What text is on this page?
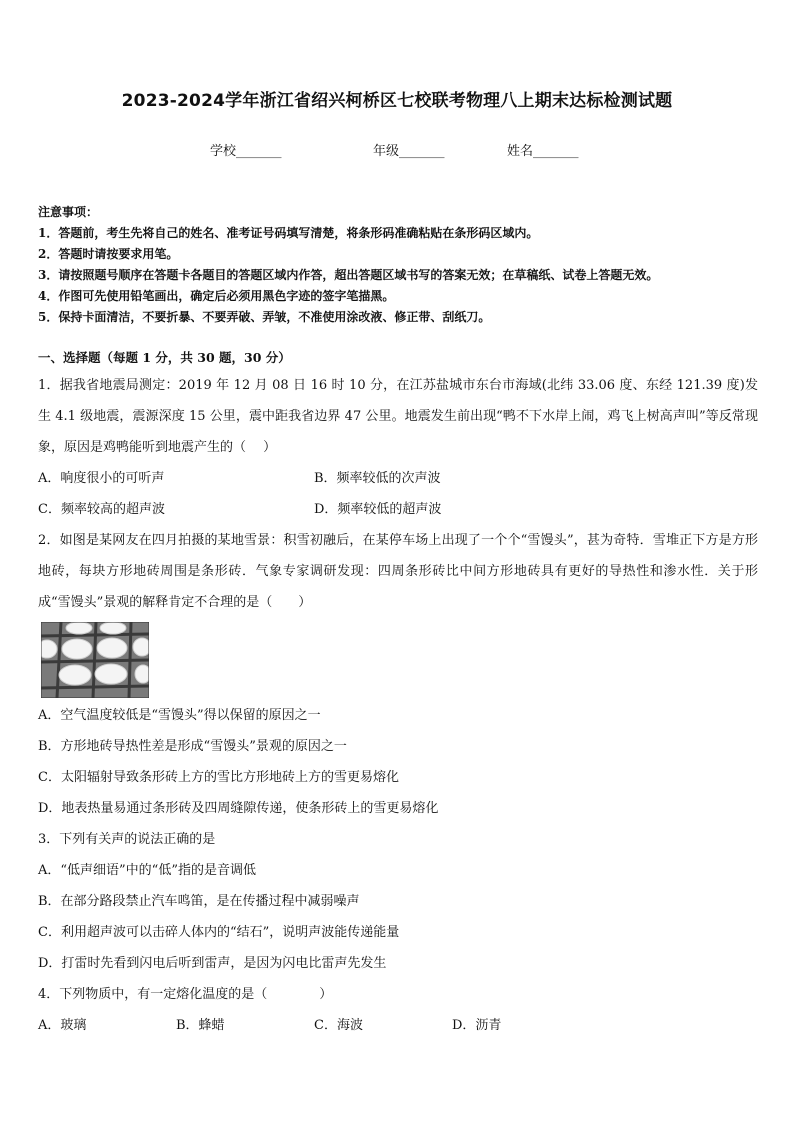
2023-2024学年浙江省绍兴柯桥区七校联考物理八上期末达标检测试题
学校_______	年级_______	姓名_______
注意事项：
1．答题前，考生先将自己的姓名、准考证号码填写清楚，将条形码准确粘贴在条形码区域内。
2．答题时请按要求用笔。
3．请按照题号顺序在答题卡各题目的答题区域内作答，超出答题区域书写的答案无效；在草稿纸、试卷上答题无效。
4．作图可先使用铅笔画出，确定后必须用黑色字迹的签字笔描黑。
5．保持卡面清洁，不要折暴、不要弄破、弄皱，不准使用涂改液、修正带、刮纸刀。
一、选择题（每题 1 分，共 30 题，30 分）
1．据我省地震局测定：2019 年 12 月 08 日 16 时 10 分，在江苏盐城市东台市海域(北纬 33.06 度、东经 121.39 度)发生 4.1 级地震，震源深度 15 公里，震中距我省边界 47 公里。地震发生前出现“鸭不下水岸上闹，鸡飞上树高声叫”等反常现象，原因是鸡鸭能听到地震产生的（　 ）
A．响度很小的可听声	B．频率较低的次声波
C．频率较高的超声波	D．频率较低的超声波
2．如图是某网友在四月拍摄的某地雪景：积雪初融后，在某停车场上出现了一个个“雪馒头”，甚为奇特．雪堆正下方是方形地砖，每块方形地砖周围是条形砖．气象专家调研发现：四周条形砖比中间方形地砖具有更好的导热性和渗水性．关于形成“雪馒头”景观的解释肯定不合理的是（　　）
A．空气温度较低是“雪馒头”得以保留的原因之一
B．方形地砖导热性差是形成“雪馒头”景观的原因之一
C．太阳辐射导致条形砖上方的雪比方形地砖上方的雪更易熔化
D．地表热量易通过条形砖及四周缝隙传递，使条形砖上的雪更易熔化
3．下列有关声的说法正确的是
A．“低声细语”中的“低”指的是音调低
B．在部分路段禁止汽车鸣笛，是在传播过程中减弱噪声
C．利用超声波可以击碎人体内的“结石”，说明声波能传递能量
D．打雷时先看到闪电后听到雷声，是因为闪电比雷声先发生
4．下列物质中，有一定熔化温度的是（　　　　）
A．玻璃	B．蜂蜡	C．海波	D．沥青
